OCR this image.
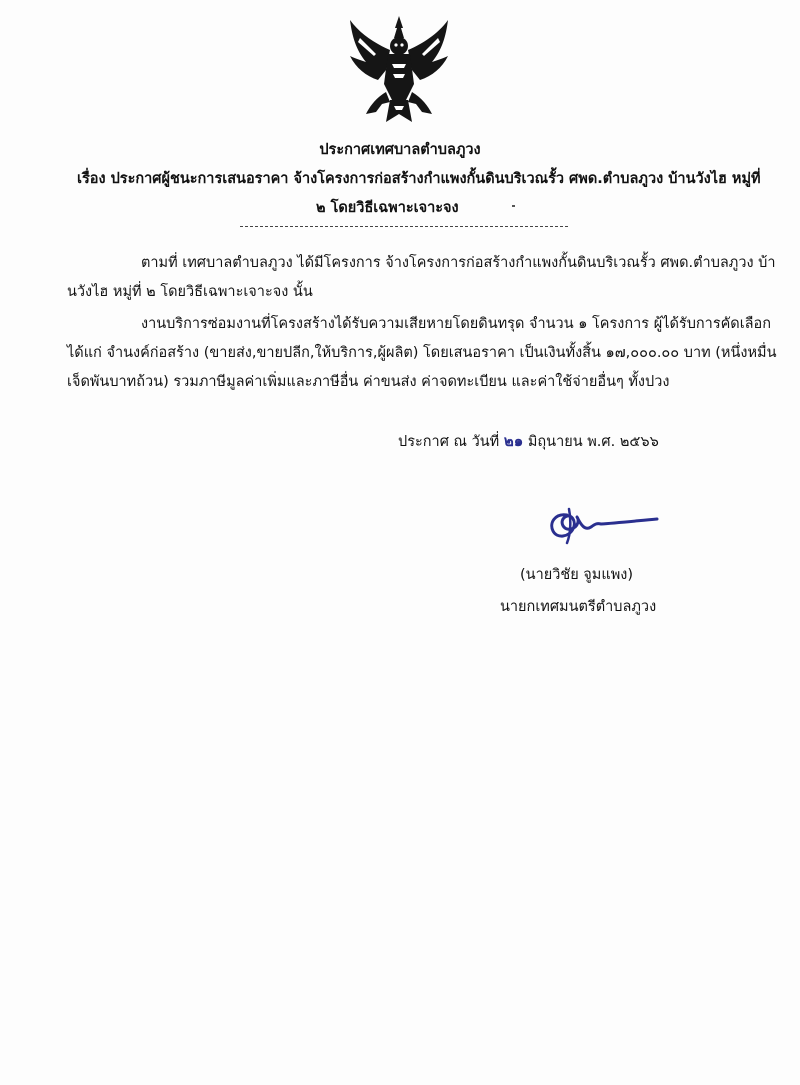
ประกาศเทศบาลตำบลภูวง
เรื่อง ประกาศผู้ชนะการเสนอราคา จ้างโครงการก่อสร้างกำแพงกั้นดินบริเวณรั้ว ศพด.ตำบลภูวง บ้านวังไฮ หมู่ที่
๒ โดยวิธีเฉพาะเจาะจง
ตามที่ เทศบาลตำบลภูวง ได้มีโครงการ จ้างโครงการก่อสร้างกำแพงกั้นดินบริเวณรั้ว ศพด.ตำบลภูวง บ้า
นวังไฮ หมู่ที่ ๒ โดยวิธีเฉพาะเจาะจง นั้น
งานบริการซ่อมงานที่โครงสร้างได้รับความเสียหายโดยดินทรุด จำนวน ๑ โครงการ ผู้ได้รับการคัดเลือก
ได้แก่ จำนงค์ก่อสร้าง (ขายส่ง,ขายปลีก,ให้บริการ,ผู้ผลิต) โดยเสนอราคา เป็นเงินทั้งสิ้น ๑๗,๐๐๐.๐๐ บาท (หนึ่งหมื่น
เจ็ดพันบาทถ้วน) รวมภาษีมูลค่าเพิ่มและภาษีอื่น ค่าขนส่ง ค่าจดทะเบียน และค่าใช้จ่ายอื่นๆ ทั้งปวง
ประกาศ ณ วันที่ ๒๑ มิถุนายน พ.ศ. ๒๕๖๖
(นายวิชัย จูมแพง)
นายกเทศมนตรีตำบลภูวง
